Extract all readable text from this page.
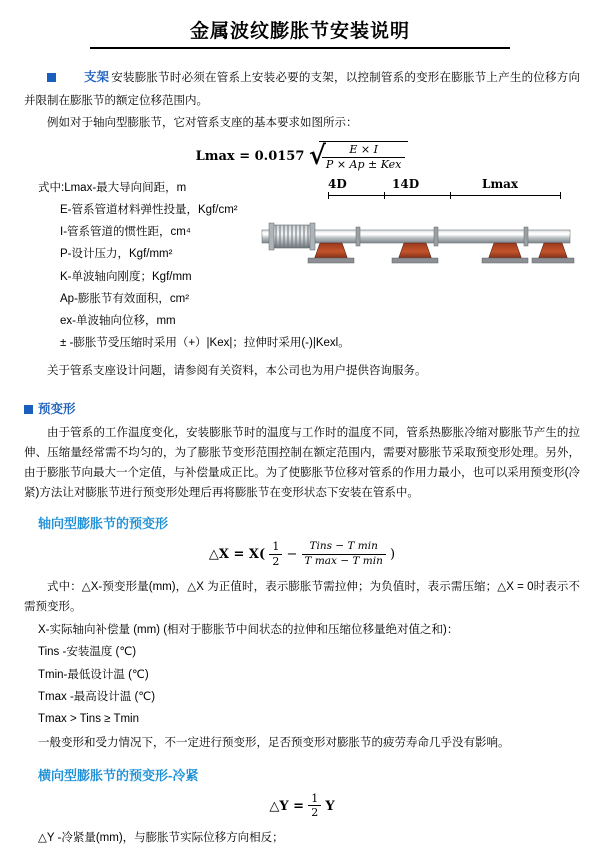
金属波纹膨胀节安装说明

支架 安装膨胀节时必须在管系上安装必要的支架，以控制管系的变形在膨胀节上产生的位移方向并限制在膨胀节的额定位移范围内。

例如对于轴向型膨胀节，它对管系支座的基本要求如图所示：

Lmax = 0.0157 √
$\frac{E \times I}{\text{P × Ap ± Kex}}$
式中:Lmax-最大导向间距，m
E-管系管道材料弹性投量，Kgf/cm²
I-管系管道的惯性距，cm⁴
P-设计压力，Kgf/mm²
K-单波轴向刚度；Kgf/mm
Ap-膨胀节有效面积，cm²
ex-单波轴向位移，mm
± -膨胀节受压缩时采用（+）|Kex|；拉伸时采用(-)|Kexl。
4D	14D	Lmax

关于管系支座设计问题，请参阅有关资料，本公司也为用户提供咨询服务。

预变形

由于管系的工作温度变化，安装膨胀节时的温度与工作时的温度不同，管系热膨胀冷缩对膨胀节产生的拉伸、压缩量经常需不均匀的，为了膨胀节变形范围控制在额定范围内，需要对膨胀节采取预变形处理。另外，由于膨胀节向最大一个定值，与补偿量成正比。为了使膨胀节位移对管系的作用力最小，也可以采用预变形(冷紧)方法让对膨胀节进行预变形处理后再将膨胀节在变形状态下安装在管系中。

轴向型膨胀节的预变形
△X = $X( \frac{1}{2} - \frac{\text{Tins − T min}}{\text{T max − T min}}$ )

式中：△X-预变形量(mm)，△X 为正值时，表示膨胀节需拉伸；为负值时，表示需压缩；△X = 0时表示不需预变形。

X-实际轴向补偿量 (mm) (相对于膨胀节中间状态的拉伸和压缩位移量绝对值之和)：
Tins -安装温度 (℃)
Tmin-最低设计温 (℃)
Tmax -最高设计温 (℃)
Tmax > Tins ≥ Tmin

一般变形和受力情况下，不一定进行预变形，足否预变形对膨胀节的疲劳寿命几乎没有影响。

横向型膨胀节的预变形-冷紧
△Y = $\frac{1}{2}$ Y

△Y -冷紧量(mm)，与膨胀节实际位移方向相反；
